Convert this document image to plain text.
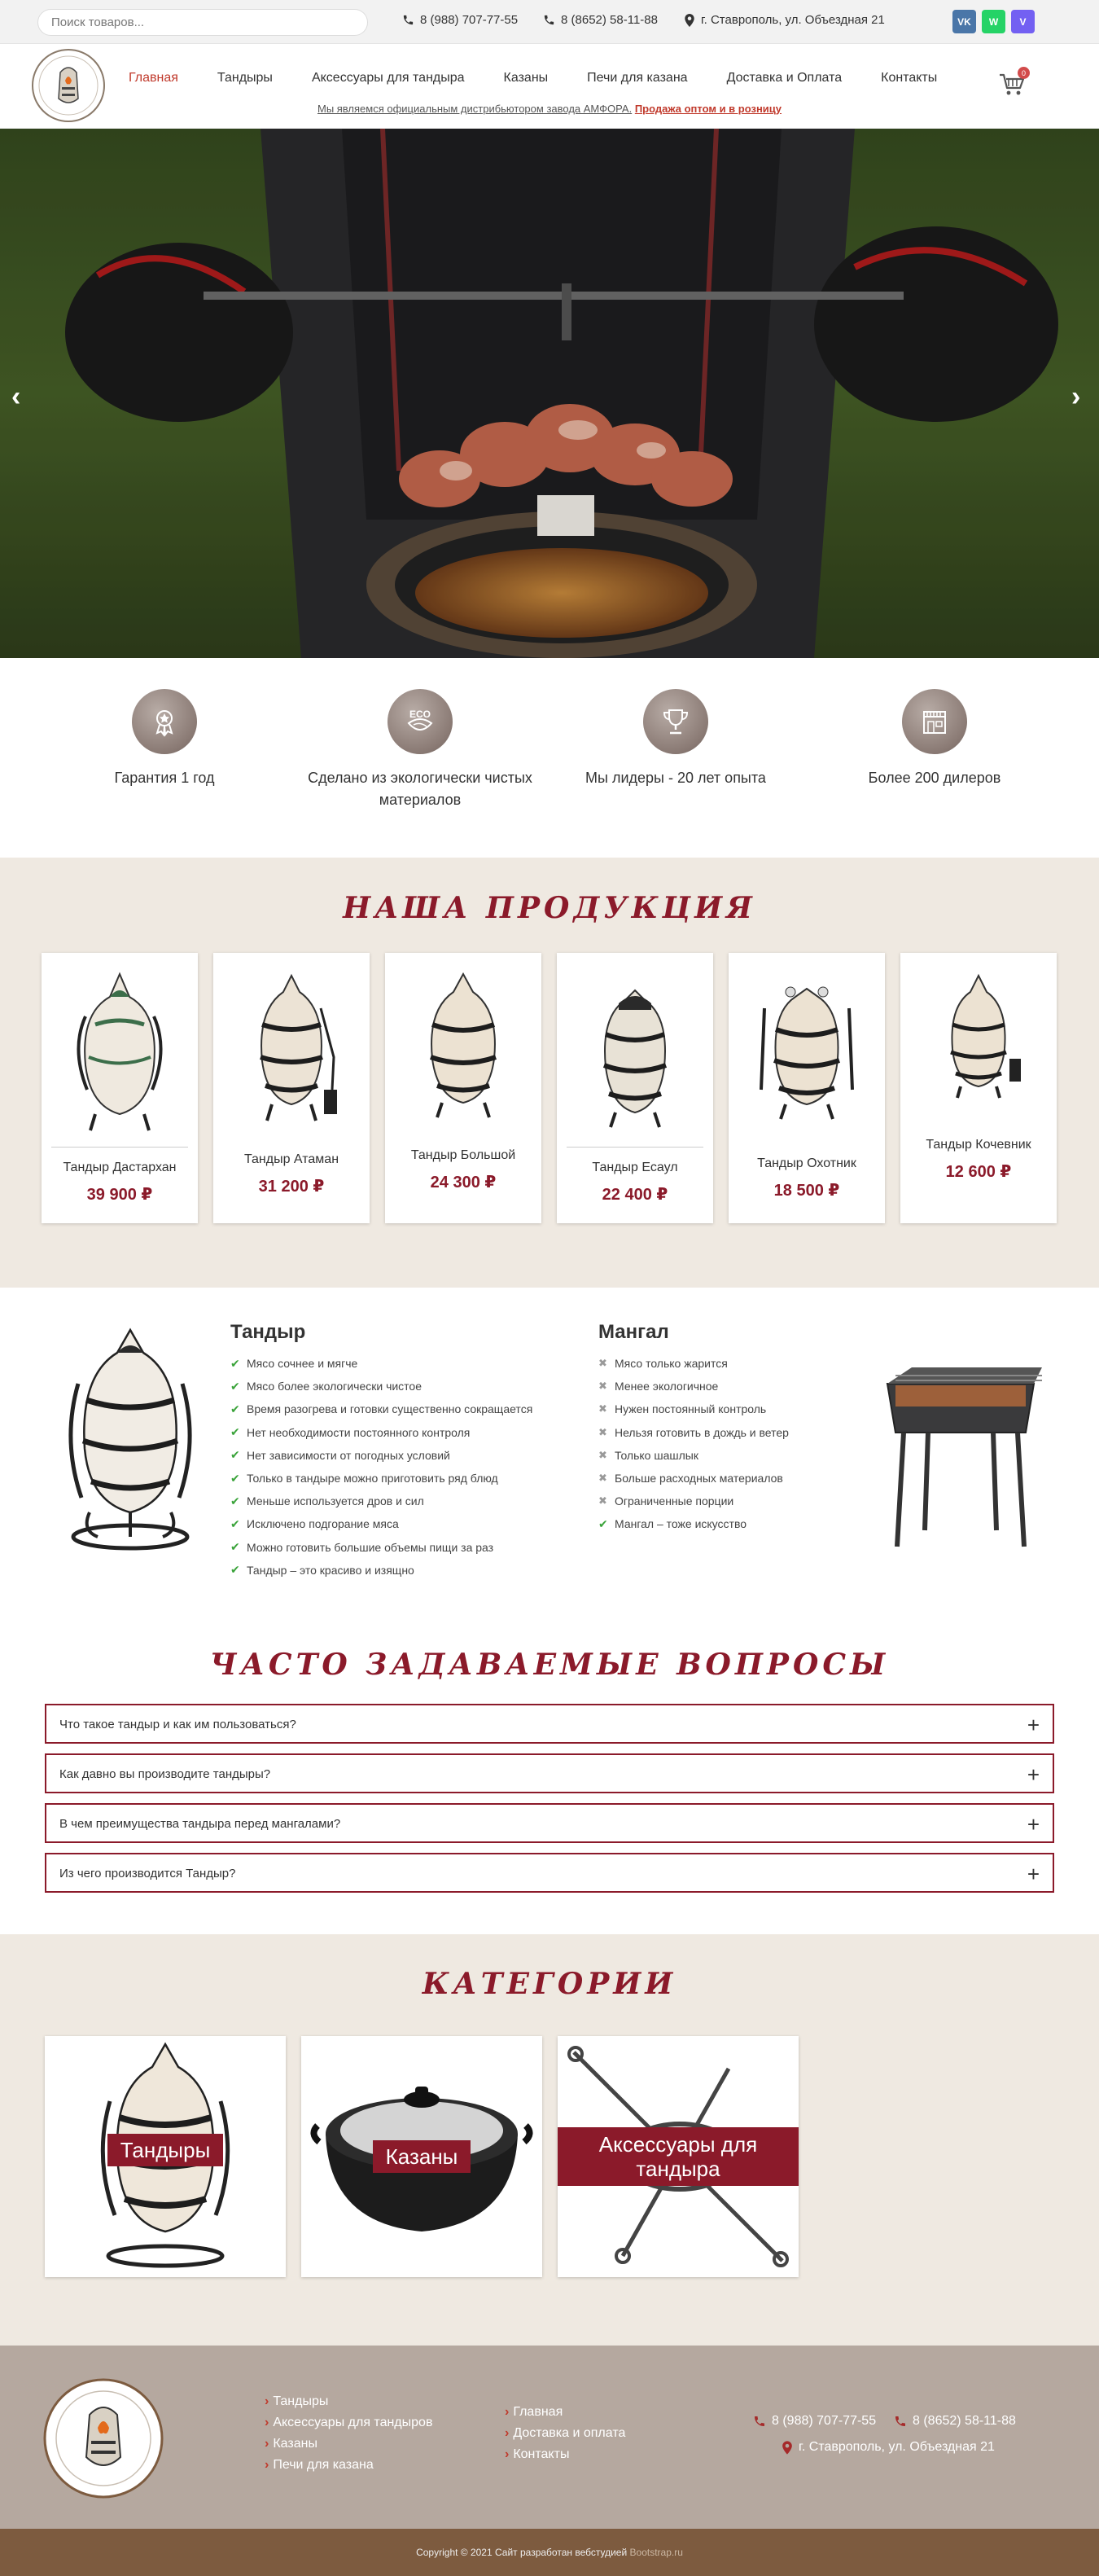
Поиск товаров...
8 (988) 707-77-55	8 (8652) 58-11-88	г. Ставрополь, ул. Объездная 21	VK W V
Главная	Тандыры	Аксессуары для тандыра	Казаны	Печи для казана	Доставка и Оплата	Контакты	0
Мы являемся официальным дистрибьютором завода АМФОРА. Продажа оптом и в розницу
‹	›
Гарантия 1 год
ECO
Сделано из экологически чистых материалов
Мы лидеры - 20 лет опыта	Более 200 дилеров
НАША ПРОДУКЦИЯ
Тандыр Дастархан
39 900 ₽
Тандыр Атаман
31 200 ₽
Тандыр Большой
24 300 ₽
Тандыр Есаул
22 400 ₽
Тандыр Охотник
18 500 ₽
Тандыр Кочевник
12 600 ₽
Тандыр
✔ Мясо сочнее и мягче
✔ Мясо более экологически чистое
✔ Время разогрева и готовки существенно сокращается
✔ Нет необходимости постоянного контроля
✔ Нет зависимости от погодных условий
✔ Только в тандыре можно приготовить ряд блюд
✔ Меньше используется дров и сил
✔ Исключено подгорание мяса
✔ Можно готовить большие объемы пищи за раз
✔ Тандыр – это красиво и изящно
Мангал
✖ Мясо только жарится
✖ Менее экологичное
✖ Нужен постоянный контроль
✖ Нельзя готовить в дождь и ветер
✖ Только шашлык
✖ Больше расходных материалов
✖ Ограниченные порции
✔ Мангал – тоже искусство
ЧАСТО ЗАДАВАЕМЫЕ ВОПРОСЫ
Что такое тандыр и как им пользоваться?	+
Как давно вы производите тандыры?	+
В чем преимущества тандыра перед мангалами?	+
Из чего производится Тандыр?	+
КАТЕГОРИИ
Тандыры	Казаны	Аксессуары для тандыра
› Тандыры
› Аксессуары для тандыров
› Казаны
› Печи для казана
› Главная
› Доставка и оплата
› Контакты
8 (988) 707-77-55	8 (8652) 58-11-88
г. Ставрополь, ул. Объездная 21
Copyright © 2021 Сайт разработан вебстудией Bootstrap.ru
